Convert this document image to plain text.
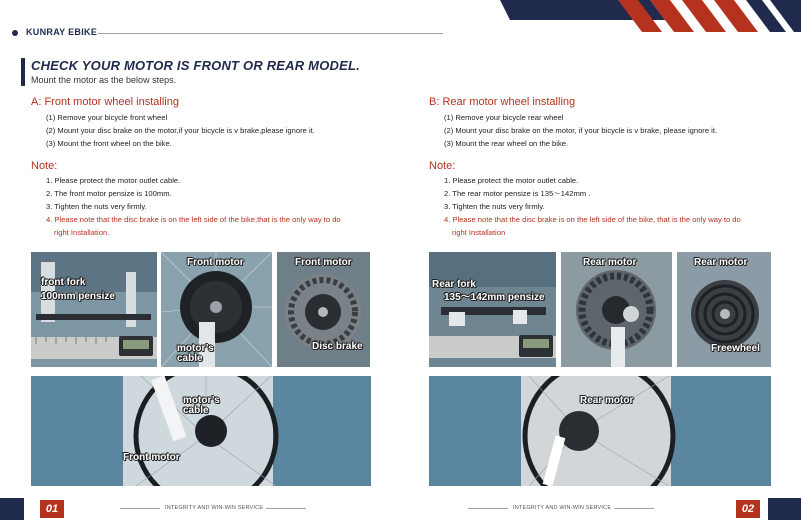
KUNRAY EBIKE
CHECK YOUR MOTOR IS FRONT OR REAR MODEL.
Mount the motor as the below steps.
A: Front motor wheel installing
(1) Remove your bicycle front wheel
(2) Mount your disc brake on the motor,if your bicycle is v brake,please ignore it.
(3) Mount the front wheel on the bike.
Note:
1. Please protect the motor outlet cable.
2. The front motor pensize is 100mm.
3. Tighten the nuts very firmly.
4. Please note that the disc brake is on the left side of the bike,that is the only way to do
right Installation.
B: Rear motor wheel installing
(1) Remove your bicycle rear wheel
(2) Mount your disc brake on the motor, if your bicycle is v brake, please ignore it.
(3) Mount the rear wheel on the bike.
Note:
1. Please protect the motor outlet cable.
2. The rear motor pensize is 135～142mm .
3. Tighten the nuts very firmly.
4. Please note that the disc brake is on the left side of the bike, that is the only way to do
right Installation
front fork
100mm pensize
Front motor
motor’s
cable
Front motor
Disc brake
motor’s
cable
Front motor
Rear fork
135～142mm pensize
Rear motor	Rear motor
Freewheel
Rear motor
01	INTEGRITY AND WIN-WIN SERVICE	INTEGRITY AND WIN-WIN SERVICE	02
